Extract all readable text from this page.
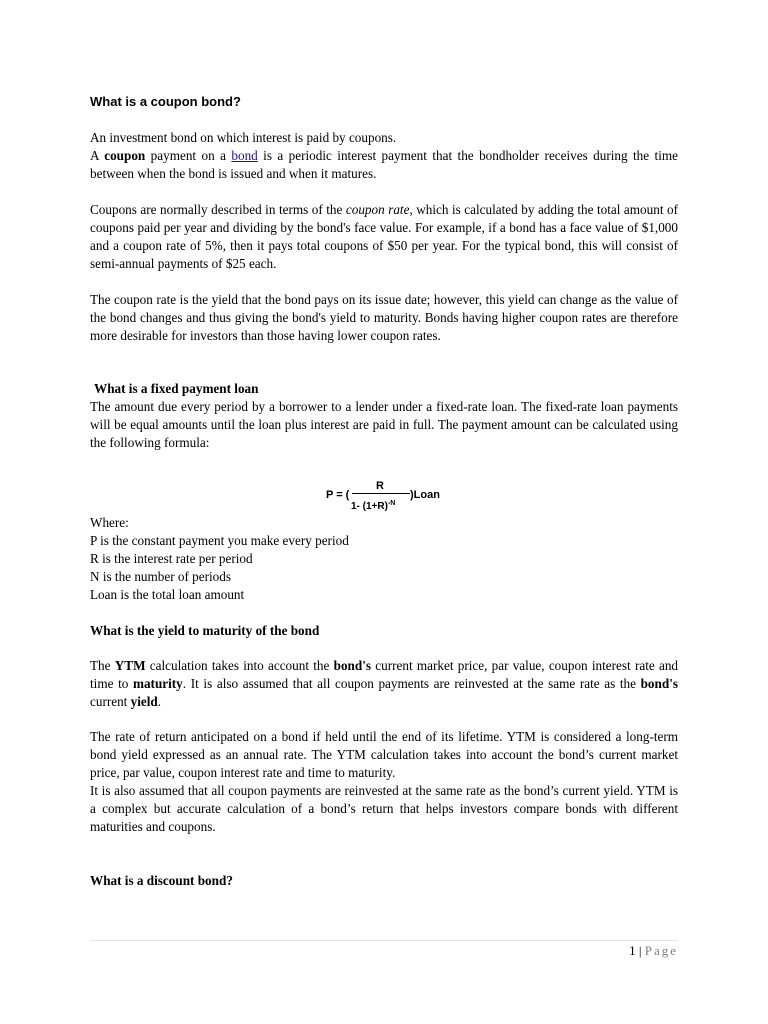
What is a coupon bond?

An investment bond on which interest is paid by coupons.

A coupon payment on a bond is a periodic interest payment that the bondholder receives during the time between when the bond is issued and when it matures.

Coupons are normally described in terms of the coupon rate, which is calculated by adding the total amount of coupons paid per year and dividing by the bond's face value. For example, if a bond has a face value of $1,000 and a coupon rate of 5%, then it pays total coupons of $50 per year. For the typical bond, this will consist of semi-annual payments of $25 each.

The coupon rate is the yield that the bond pays on its issue date; however, this yield can change as the value of the bond changes and thus giving the bond's yield to maturity. Bonds having higher coupon rates are therefore more desirable for investors than those having lower coupon rates.

What is a fixed payment loan

The amount due every period by a borrower to a lender under a fixed-rate loan. The fixed-rate loan payments will be equal amounts until the loan plus interest are paid in full. The payment amount can be calculated using the following formula:

P = (
R
1- $(1+R)^{-N}$
)Loan

Where:

P is the constant payment you make every period

R is the interest rate per period

N is the number of periods

Loan is the total loan amount

What is the yield to maturity of the bond

The YTM calculation takes into account the bond's current market price, par value, coupon interest rate and time to maturity. It is also assumed that all coupon payments are reinvested at the same rate as the bond's current yield.

The rate of return anticipated on a bond if held until the end of its lifetime. YTM is considered a long-term bond yield expressed as an annual rate. The YTM calculation takes into account the bond’s current market price, par value, coupon interest rate and time to maturity.

It is also assumed that all coupon payments are reinvested at the same rate as the bond’s current yield. YTM is a complex but accurate calculation of a bond’s return that helps investors compare bonds with different maturities and coupons.

What is a discount bond?
1 | Page
